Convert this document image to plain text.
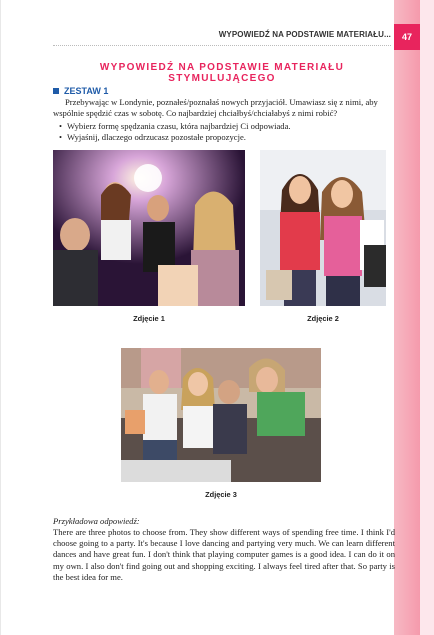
47
WYPOWIEDŹ NA PODSTAWIE MATERIAŁU...
WYPOWIEDŹ NA PODSTAWIE MATERIAŁU STYMULUJĄCEGO
ZESTAW 1
Przebywając w Londynie, poznałeś/poznałaś nowych przyjaciół. Umawiasz się z nimi, aby wspólnie spędzić czas w sobotę. Co najbardziej chciałbyś/chciałabyś z nimi robić?
• Wybierz formę spędzania czasu, która najbardziej Ci odpowiada.
• Wyjaśnij, dlaczego odrzucasz pozostałe propozycje.
Zdjęcie 1	Zdjęcie 2
Zdjęcie 3
Przykładowa odpowiedź:
There are three photos to choose from. They show different ways of spending free time. I think I'd choose going to a party. It's because I love dancing and partying very much. We can learn different dances and have great fun. I don't think that playing computer games is a good idea. I can do it on my own. I also don't find going out and shopping exciting. I always feel tired after that. So party is the best idea for me.
